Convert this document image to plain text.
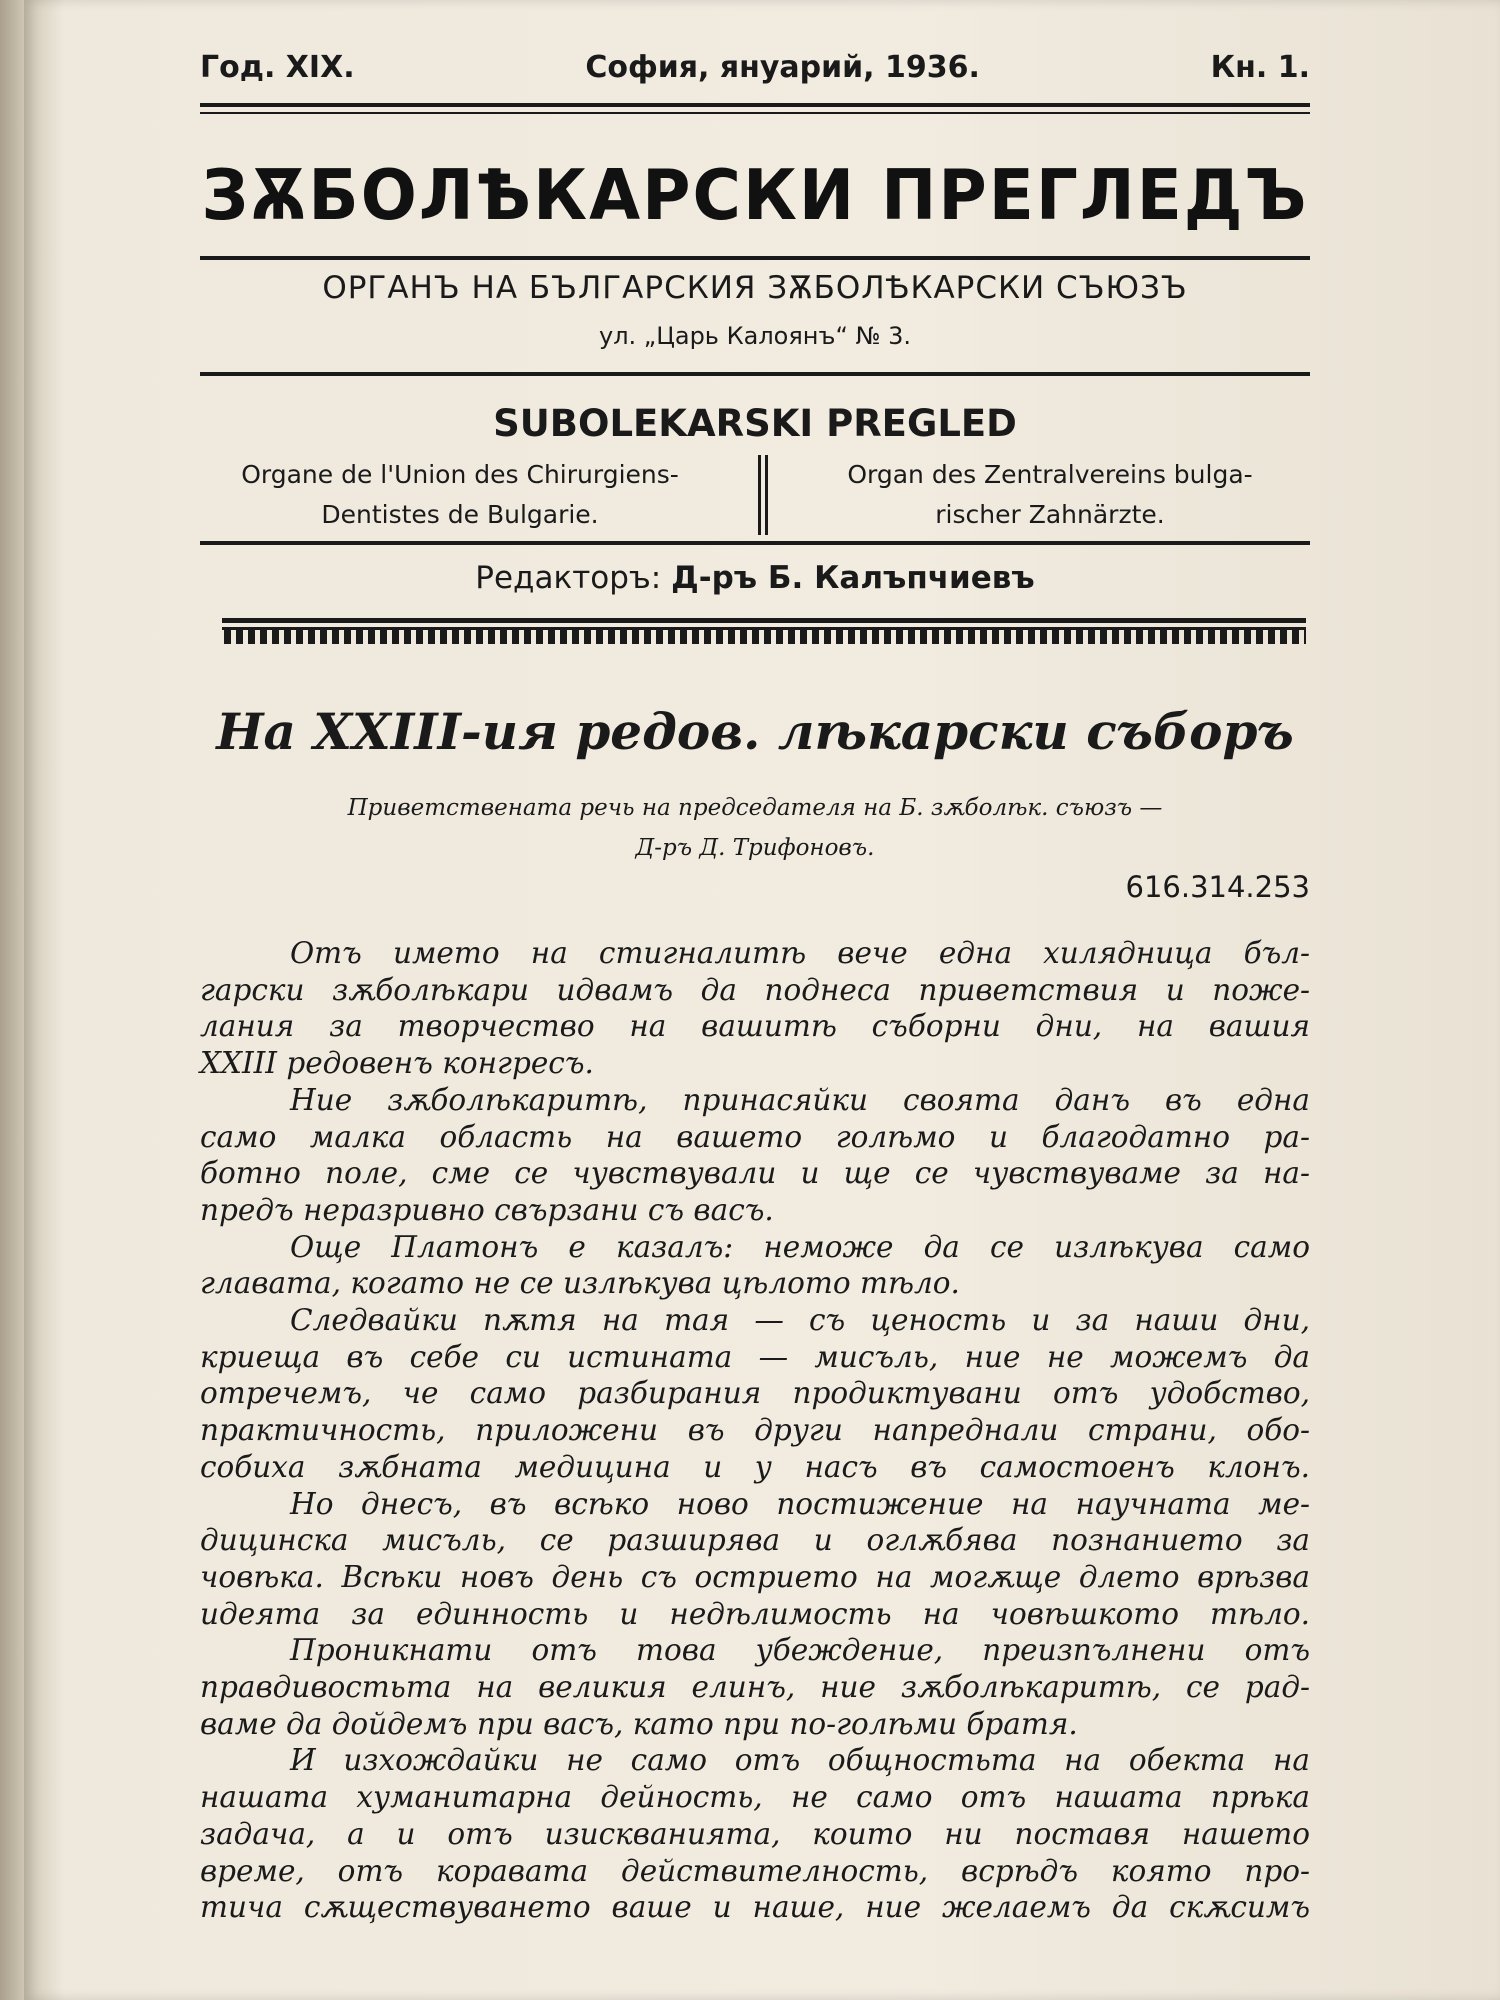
Год. XIX.	София, януарий, 1936.	Кн. 1.
ЗѪБОЛѢКАРСКИ ПРЕГЛЕДЪ
ОРГАНЪ НА БЪЛГАРСКИЯ ЗѪБОЛѢКАРСКИ СЪЮЗЪ
ул. „Царь Калоянъ“ № 3.
SUBOLEKARSKI PREGLED
Organe de l'Union des Chirurgiens-
Dentistes de Bulgarie.
Organ des Zentralvereins bulga-
rischer Zahnärzte.
Редакторъ: Д-ръ Б. Калъпчиевъ
На XXIII-ия редов. лѣкарски съборъ
Приветствената речь на председателя на Б. зѫболѣк. съюзъ —
Д-ръ Д. Трифоновъ.
616.314.253
Отъ името на стигналитѣ вече една хилядница бъл-
гарски зѫболѣкари идвамъ да поднеса приветствия и поже-
лания за творчество на вашитѣ съборни дни, на вашия
XXIII редовенъ конгресъ.
Ние зѫболѣкаритѣ, принасяйки своята данъ въ една
само малка область на вашето голѣмо и благодатно ра-
ботно поле, сме се чувствували и ще се чувствуваме за на-
предъ неразривно свързани съ васъ.
Още Платонъ е казалъ: неможе да се излѣкува само
главата, когато не се излѣкува цѣлото тѣло.
Следвайки пѫтя на тая — съ ценость и за наши дни,
криеща въ себе си истината — мисъль, ние не можемъ да
отречемъ, че само разбирания продиктувани отъ удобство,
практичность, приложени въ други напреднали страни, обо-
собиха зѫбната медицина и у насъ въ самостоенъ клонъ.
Но днесъ, въ всѣко ново постижение на научната ме-
дицинска мисъль, се разширява и оглѫбява познанието за
човѣка. Всѣки новъ день съ острието на могѫще длето врѣзва
идеята за единность и недѣлимость на човѣшкото тѣло.
Проникнати отъ това убеждение, преизпълнени отъ
правдивостьта на великия елинъ, ние зѫболѣкаритѣ, се рад-
ваме да дойдемъ при васъ, като при по-голѣми братя.
И изхождайки не само отъ общностьта на обекта на
нашата хуманитарна дейность, не само отъ нашата прѣка
задача, а и отъ изискванията, които ни поставя нашето
време, отъ коравата действителность, всрѣдъ която про-
тича сѫществуването ваше и наше, ние желаемъ да скѫсимъ
